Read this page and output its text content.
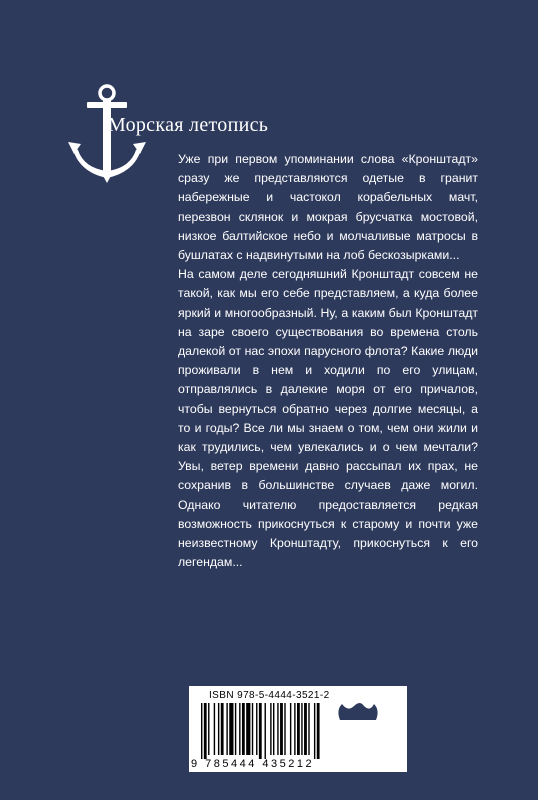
Морская летопись

Уже при первом упоминании слова «Кронштадт» сразу же представляются одетые в гранит набережные и частокол корабельных мачт, перезвон склянок и мокрая брусчатка мостовой, низкое балтийское небо и молчаливые матросы в бушлатах с надвинутыми на лоб бескозырками...

На самом деле сегодняшний Кронштадт совсем не такой, как мы его себе представляем, а куда более яркий и многообразный. Ну, а каким был Кронштадт на заре своего существования во времена столь далекой от нас эпохи парусного флота? Какие люди проживали в нем и ходили по его улицам, отправлялись в далекие моря от его причалов, чтобы вернуться обратно через долгие месяцы, а то и годы? Все ли мы знаем о том, чем они жили и как трудились, чем увлекались и о чем мечтали? Увы, ветер времени давно рассыпал их прах, не сохранив в большинстве случаев даже могил. Однако читателю предоставляется редкая возможность прикоснуться к старому и почти уже неизвестному Кронштадту, прикоснуться к его легендам...

ISBN 978-5-4444-3521-2
9 785444 435212 ВЕЧЕ
